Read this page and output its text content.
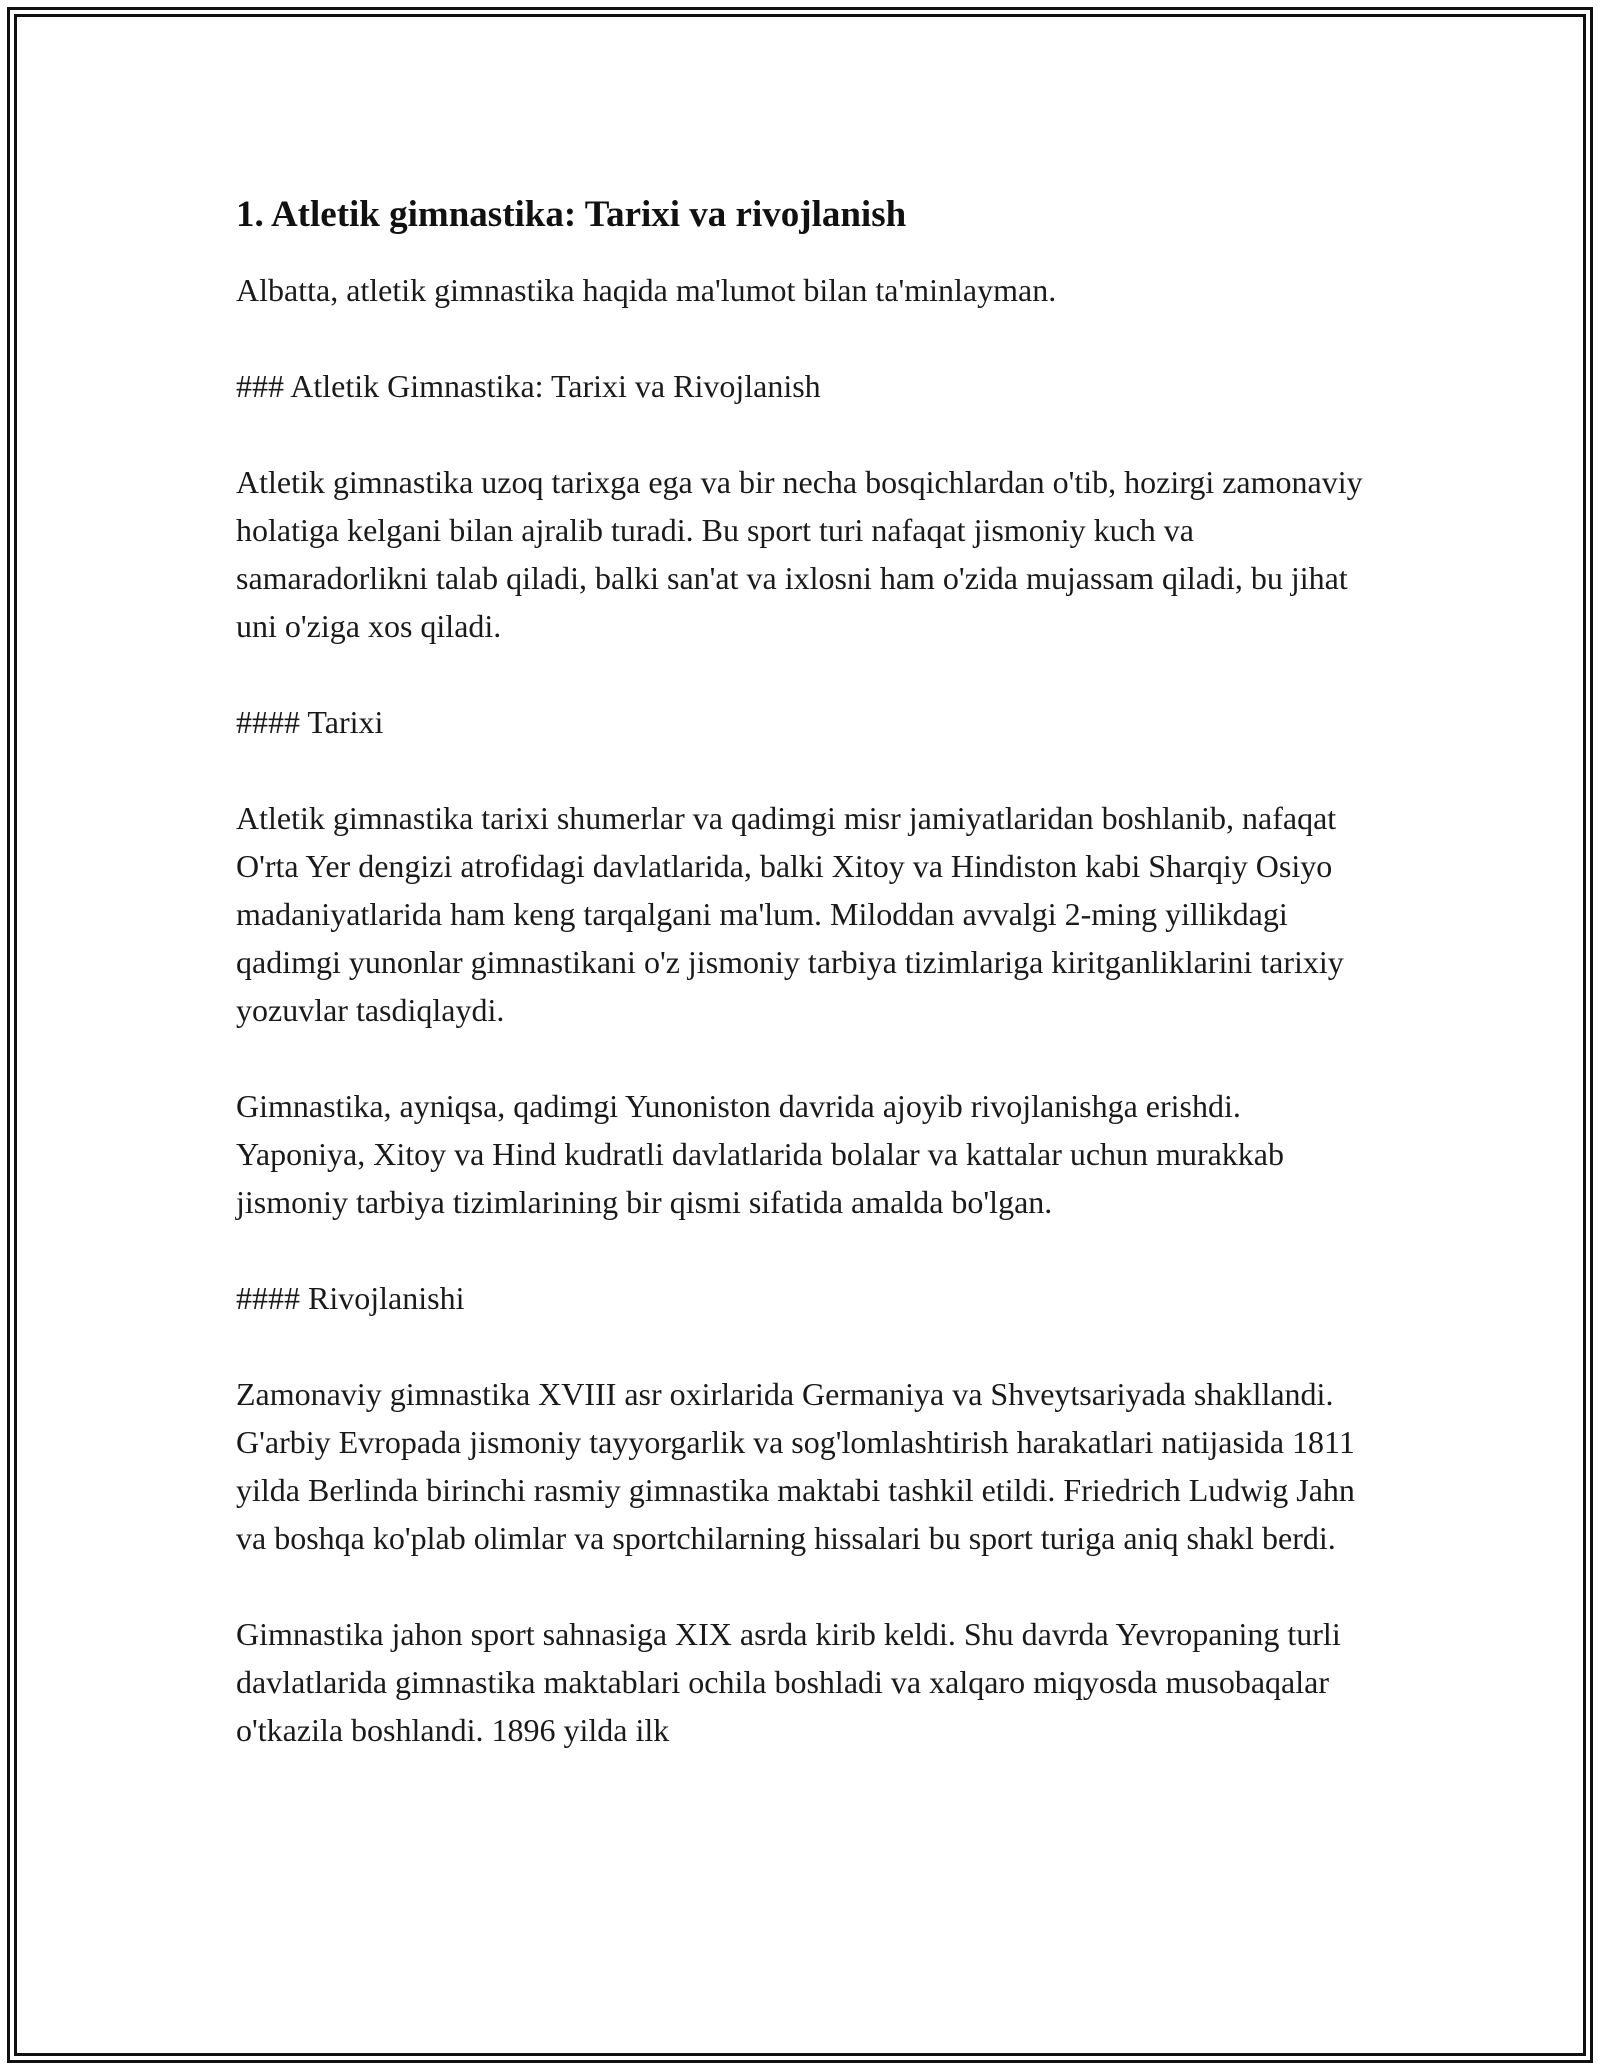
1. Atletik gimnastika: Tarixi va rivojlanish

Albatta, atletik gimnastika haqida ma'lumot bilan ta'minlayman.

### Atletik Gimnastika: Tarixi va Rivojlanish

Atletik gimnastika uzoq tarixga ega va bir necha bosqichlardan o'tib, hozirgi zamonaviy holatiga kelgani bilan ajralib turadi. Bu sport turi nafaqat jismoniy kuch va samaradorlikni talab qiladi, balki san'at va ixlosni ham o'zida mujassam qiladi, bu jihat uni o'ziga xos qiladi.

#### Tarixi

Atletik gimnastika tarixi shumerlar va qadimgi misr jamiyatlaridan boshlanib, nafaqat O'rta Yer dengizi atrofidagi davlatlarida, balki Xitoy va Hindiston kabi Sharqiy Osiyo madaniyatlarida ham keng tarqalgani ma'lum. Miloddan avvalgi 2-ming yillikdagi qadimgi yunonlar gimnastikani o'z jismoniy tarbiya tizimlariga kiritganliklarini tarixiy yozuvlar tasdiqlaydi.

Gimnastika, ayniqsa, qadimgi Yunoniston davrida ajoyib rivojlanishga erishdi. Yaponiya, Xitoy va Hind kudratli davlatlarida bolalar va kattalar uchun murakkab jismoniy tarbiya tizimlarining bir qismi sifatida amalda bo'lgan.

#### Rivojlanishi

Zamonaviy gimnastika XVIII asr oxirlarida Germaniya va Shveytsariyada shakllandi. G'arbiy Evropada jismoniy tayyorgarlik va sog'lomlashtirish harakatlari natijasida 1811 yilda Berlinda birinchi rasmiy gimnastika maktabi tashkil etildi. Friedrich Ludwig Jahn va boshqa ko'plab olimlar va sportchilarning hissalari bu sport turiga aniq shakl berdi.

Gimnastika jahon sport sahnasiga XIX asrda kirib keldi. Shu davrda Yevropaning turli davlatlarida gimnastika maktablari ochila boshladi va xalqaro miqyosda musobaqalar o'tkazila boshlandi. 1896 yilda ilk
